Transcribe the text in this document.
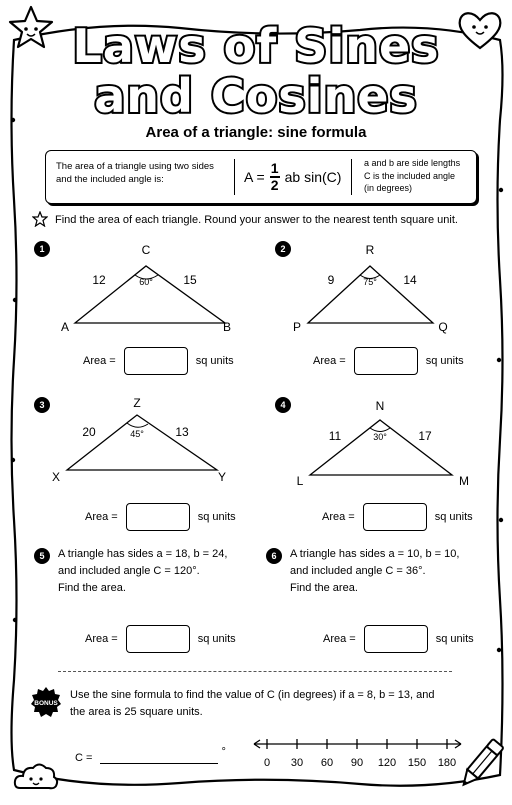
Laws of Sines
and Cosines
Area of a triangle: sine formula
The area of a triangle using two sides and the included angle is:	$A = \frac{1}{2}$ ab sin(C)
a and b are side lengths
C is the included angle
(in degrees)
Find the area of each triangle. Round your answer to the nearest tenth square unit.
1	C
A	B
12	15
60°
Area =	sq units
2	R
P	Q
9	14
75°
Area =	sq units
3	Z
X	Y
20	13
45°
Area =	sq units
4	N
L	M
11	17
30°
Area =	sq units
5	A triangle has sides a = 18, b = 24,
and included angle C = 120°.
Find the area.
Area =	sq units
6	A triangle has sides a = 10, b = 10,
and included angle C = 36°.
Find the area.
Area =	sq units
BONUS
Use the sine formula to find the value of C (in degrees) if a = 8, b = 13, and
the area is 25 square units.
C =	°
0 30 60 90 120 150 180
